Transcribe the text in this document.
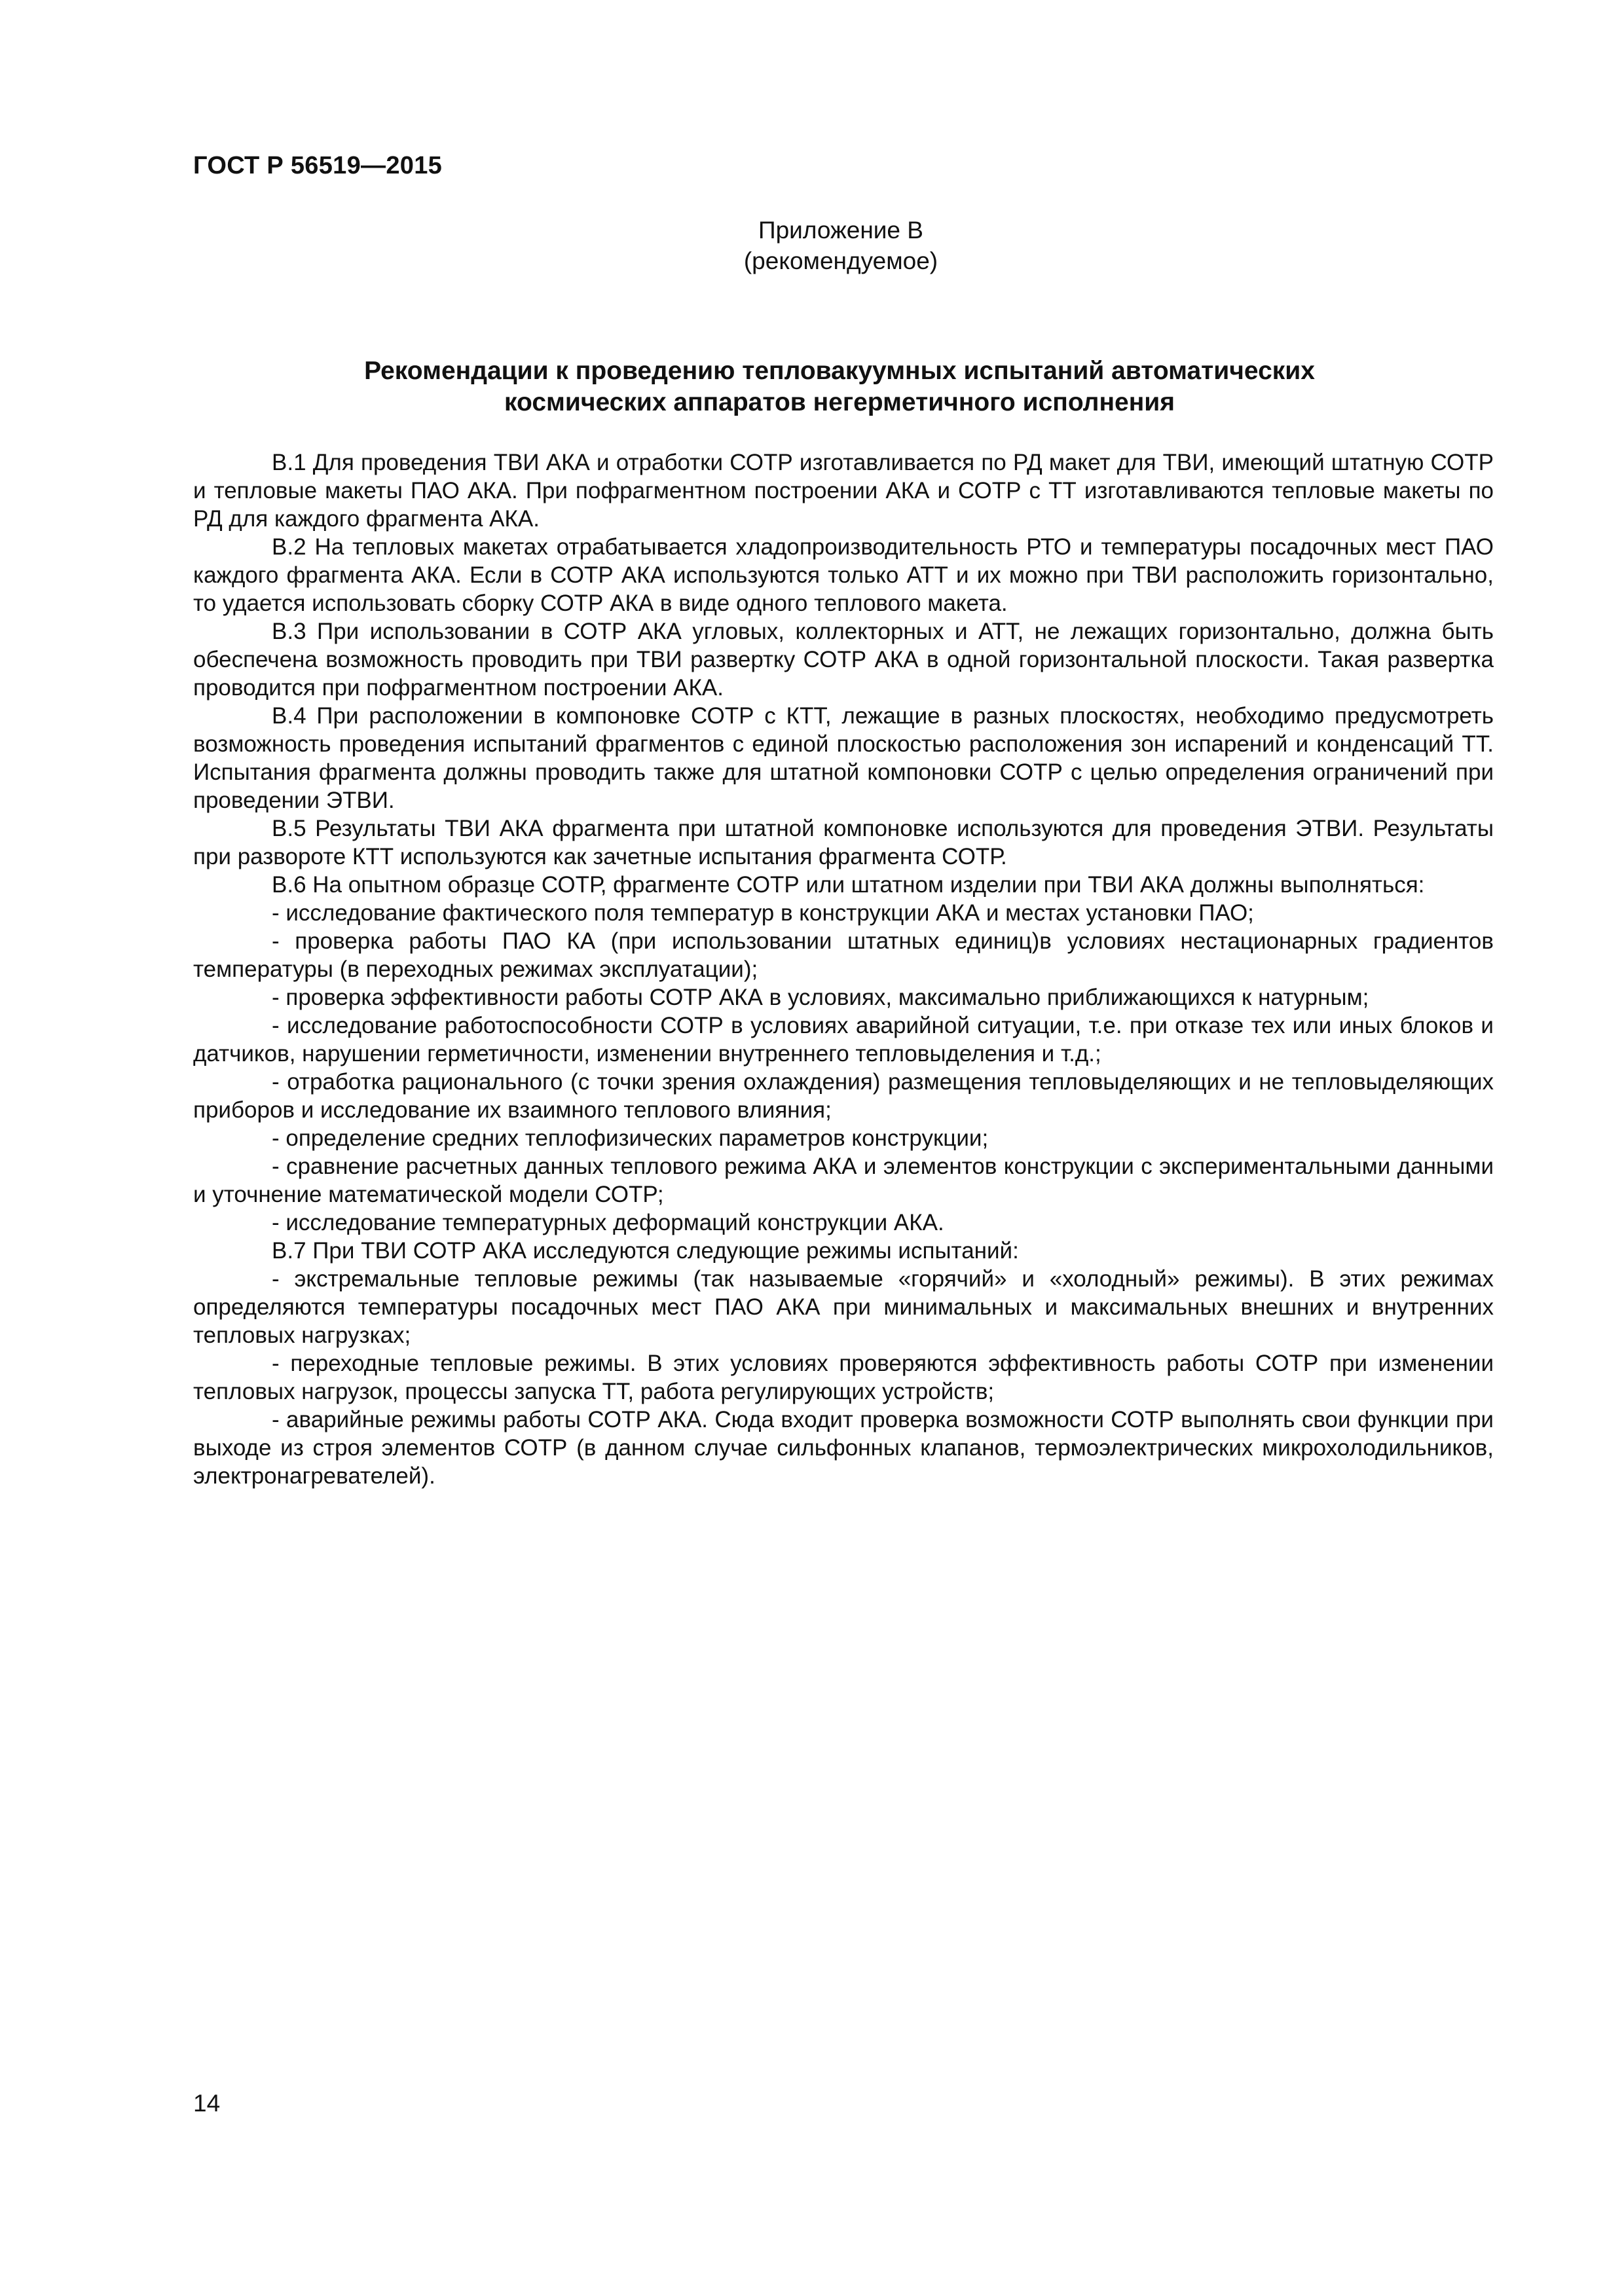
ГОСТ Р 56519—2015
Приложение В
(рекомендуемое)
Рекомендации к проведению тепловакуумных испытаний автоматических
космических аппаратов негерметичного исполнения

В.1 Для проведения ТВИ АКА и отработки СОТР изготавливается по РД макет для ТВИ, имеющий штатную СОТР и тепловые макеты ПАО АКА. При пофрагментном построении АКА и СОТР с ТТ изготавливаются тепловые макеты по РД для каждого фрагмента АКА.

В.2 На тепловых макетах отрабатывается хладопроизводительность РТО и температуры посадочных мест ПАО каждого фрагмента АКА. Если в СОТР АКА используются только АТТ и их можно при ТВИ расположить горизонтально, то удается использовать сборку СОТР АКА в виде одного теплового макета.

В.3 При использовании в СОТР АКА угловых, коллекторных и АТТ, не лежащих горизонтально, должна быть обеспечена возможность проводить при ТВИ развертку СОТР АКА в одной горизонтальной плоскости. Такая развертка проводится при пофрагментном построении АКА.

В.4 При расположении в компоновке СОТР с КТТ, лежащие в разных плоскостях, необходимо предусмотреть возможность проведения испытаний фрагментов с единой плоскостью расположения зон испарений и конденсаций ТТ. Испытания фрагмента должны проводить также для штатной компоновки СОТР с целью определения ограничений при проведении ЭТВИ.

В.5 Результаты ТВИ АКА фрагмента при штатной компоновке используются для проведения ЭТВИ. Результаты при развороте КТТ используются как зачетные испытания фрагмента СОТР.

В.6 На опытном образце СОТР, фрагменте СОТР или штатном изделии при ТВИ АКА должны выполняться:

- исследование фактического поля температур в конструкции АКА и местах установки ПАО;

- проверка работы ПАО КА (при использовании штатных единиц)в условиях нестационарных градиентов температуры (в переходных режимах эксплуатации);

- проверка эффективности работы СОТР АКА в условиях, максимально приближающихся к натурным;

- исследование работоспособности СОТР в условиях аварийной ситуации, т.е. при отказе тех или иных блоков и датчиков, нарушении герметичности, изменении внутреннего тепловыделения и т.д.;

- отработка рационального (с точки зрения охлаждения) размещения тепловыделяющих и не тепловыделяющих приборов и исследование их взаимного теплового влияния;

- определение средних теплофизических параметров конструкции;

- сравнение расчетных данных теплового режима АКА и элементов конструкции с экспериментальными данными и уточнение математической модели СОТР;

- исследование температурных деформаций конструкции АКА.

В.7 При ТВИ СОТР АКА исследуются следующие режимы испытаний:

- экстремальные тепловые режимы (так называемые «горячий» и «холодный» режимы). В этих режимах определяются температуры посадочных мест ПАО АКА при минимальных и максимальных внешних и внутренних тепловых нагрузках;

- переходные тепловые режимы. В этих условиях проверяются эффективность работы СОТР при изменении тепловых нагрузок, процессы запуска ТТ, работа регулирующих устройств;

- аварийные режимы работы СОТР АКА. Сюда входит проверка возможности СОТР выполнять свои функции при выходе из строя элементов СОТР (в данном случае сильфонных клапанов, термоэлектрических микрохолодильников, электронагревателей).

14
